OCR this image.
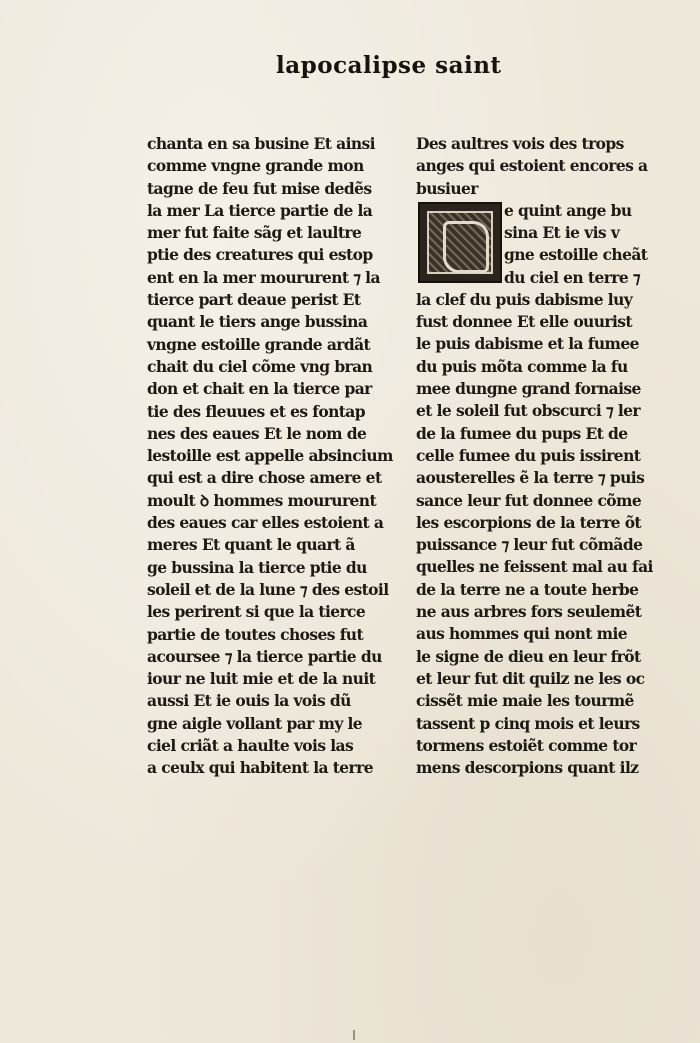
lapocalipse saint
chanta en sa busine Et ainsi
comme vngne grande mon
tagne de feu fut mise dedẽs
la mer La tierce partie de la
mer fut faite sãg et laultre
ptie des creatures qui estop
ent en la mer moururent ⁊ la
tierce part deaue perist Et
quant le tiers ange bussina
vngne estoille grande ardãt
chait du ciel cõme vng bran
don et chait en la tierce par
tie des fleuues et es fontap
nes des eaues Et le nom de
lestoille est appelle absincium
qui est a dire chose amere et
moult ꝺ hommes moururent
des eaues car elles estoient a
meres Et quant le quart ã
ge bussina la tierce ptie du
soleil et de la lune ⁊ des estoil
les perirent si que la tierce
partie de toutes choses fut
acoursee ⁊ la tierce partie du
iour ne luit mie et de la nuit
aussi Et ie ouis la vois dũ
gne aigle vollant par my le
ciel criãt a haulte vois las
a ceulx qui habitent la terre
Des aultres vois des trops
anges qui estoient encores a
busiuer
e quint ange bu
sina Et ie vis v
gne estoille cheãt
du ciel en terre ⁊
la clef du puis dabisme luy
fust donnee Et elle ouurist
le puis dabisme et la fumee
du puis mõta comme la fu
mee dungne grand fornaise
et le soleil fut obscurci ⁊ ler
de la fumee du pups Et de
celle fumee du puis issirent
aousterelles ẽ la terre ⁊ puis
sance leur fut donnee cõme
les escorpions de la terre õt
puissance ⁊ leur fut cõmãde
quelles ne feissent mal au fai
de la terre ne a toute herbe
ne aus arbres fors seulemẽt
aus hommes qui nont mie
le signe de dieu en leur frõt
et leur fut dit quilz ne les oc
cissẽt mie maie les tourmẽ
tassent p cinq mois et leurs
tormens estoiẽt comme tor
mens descorpions quant ilz
